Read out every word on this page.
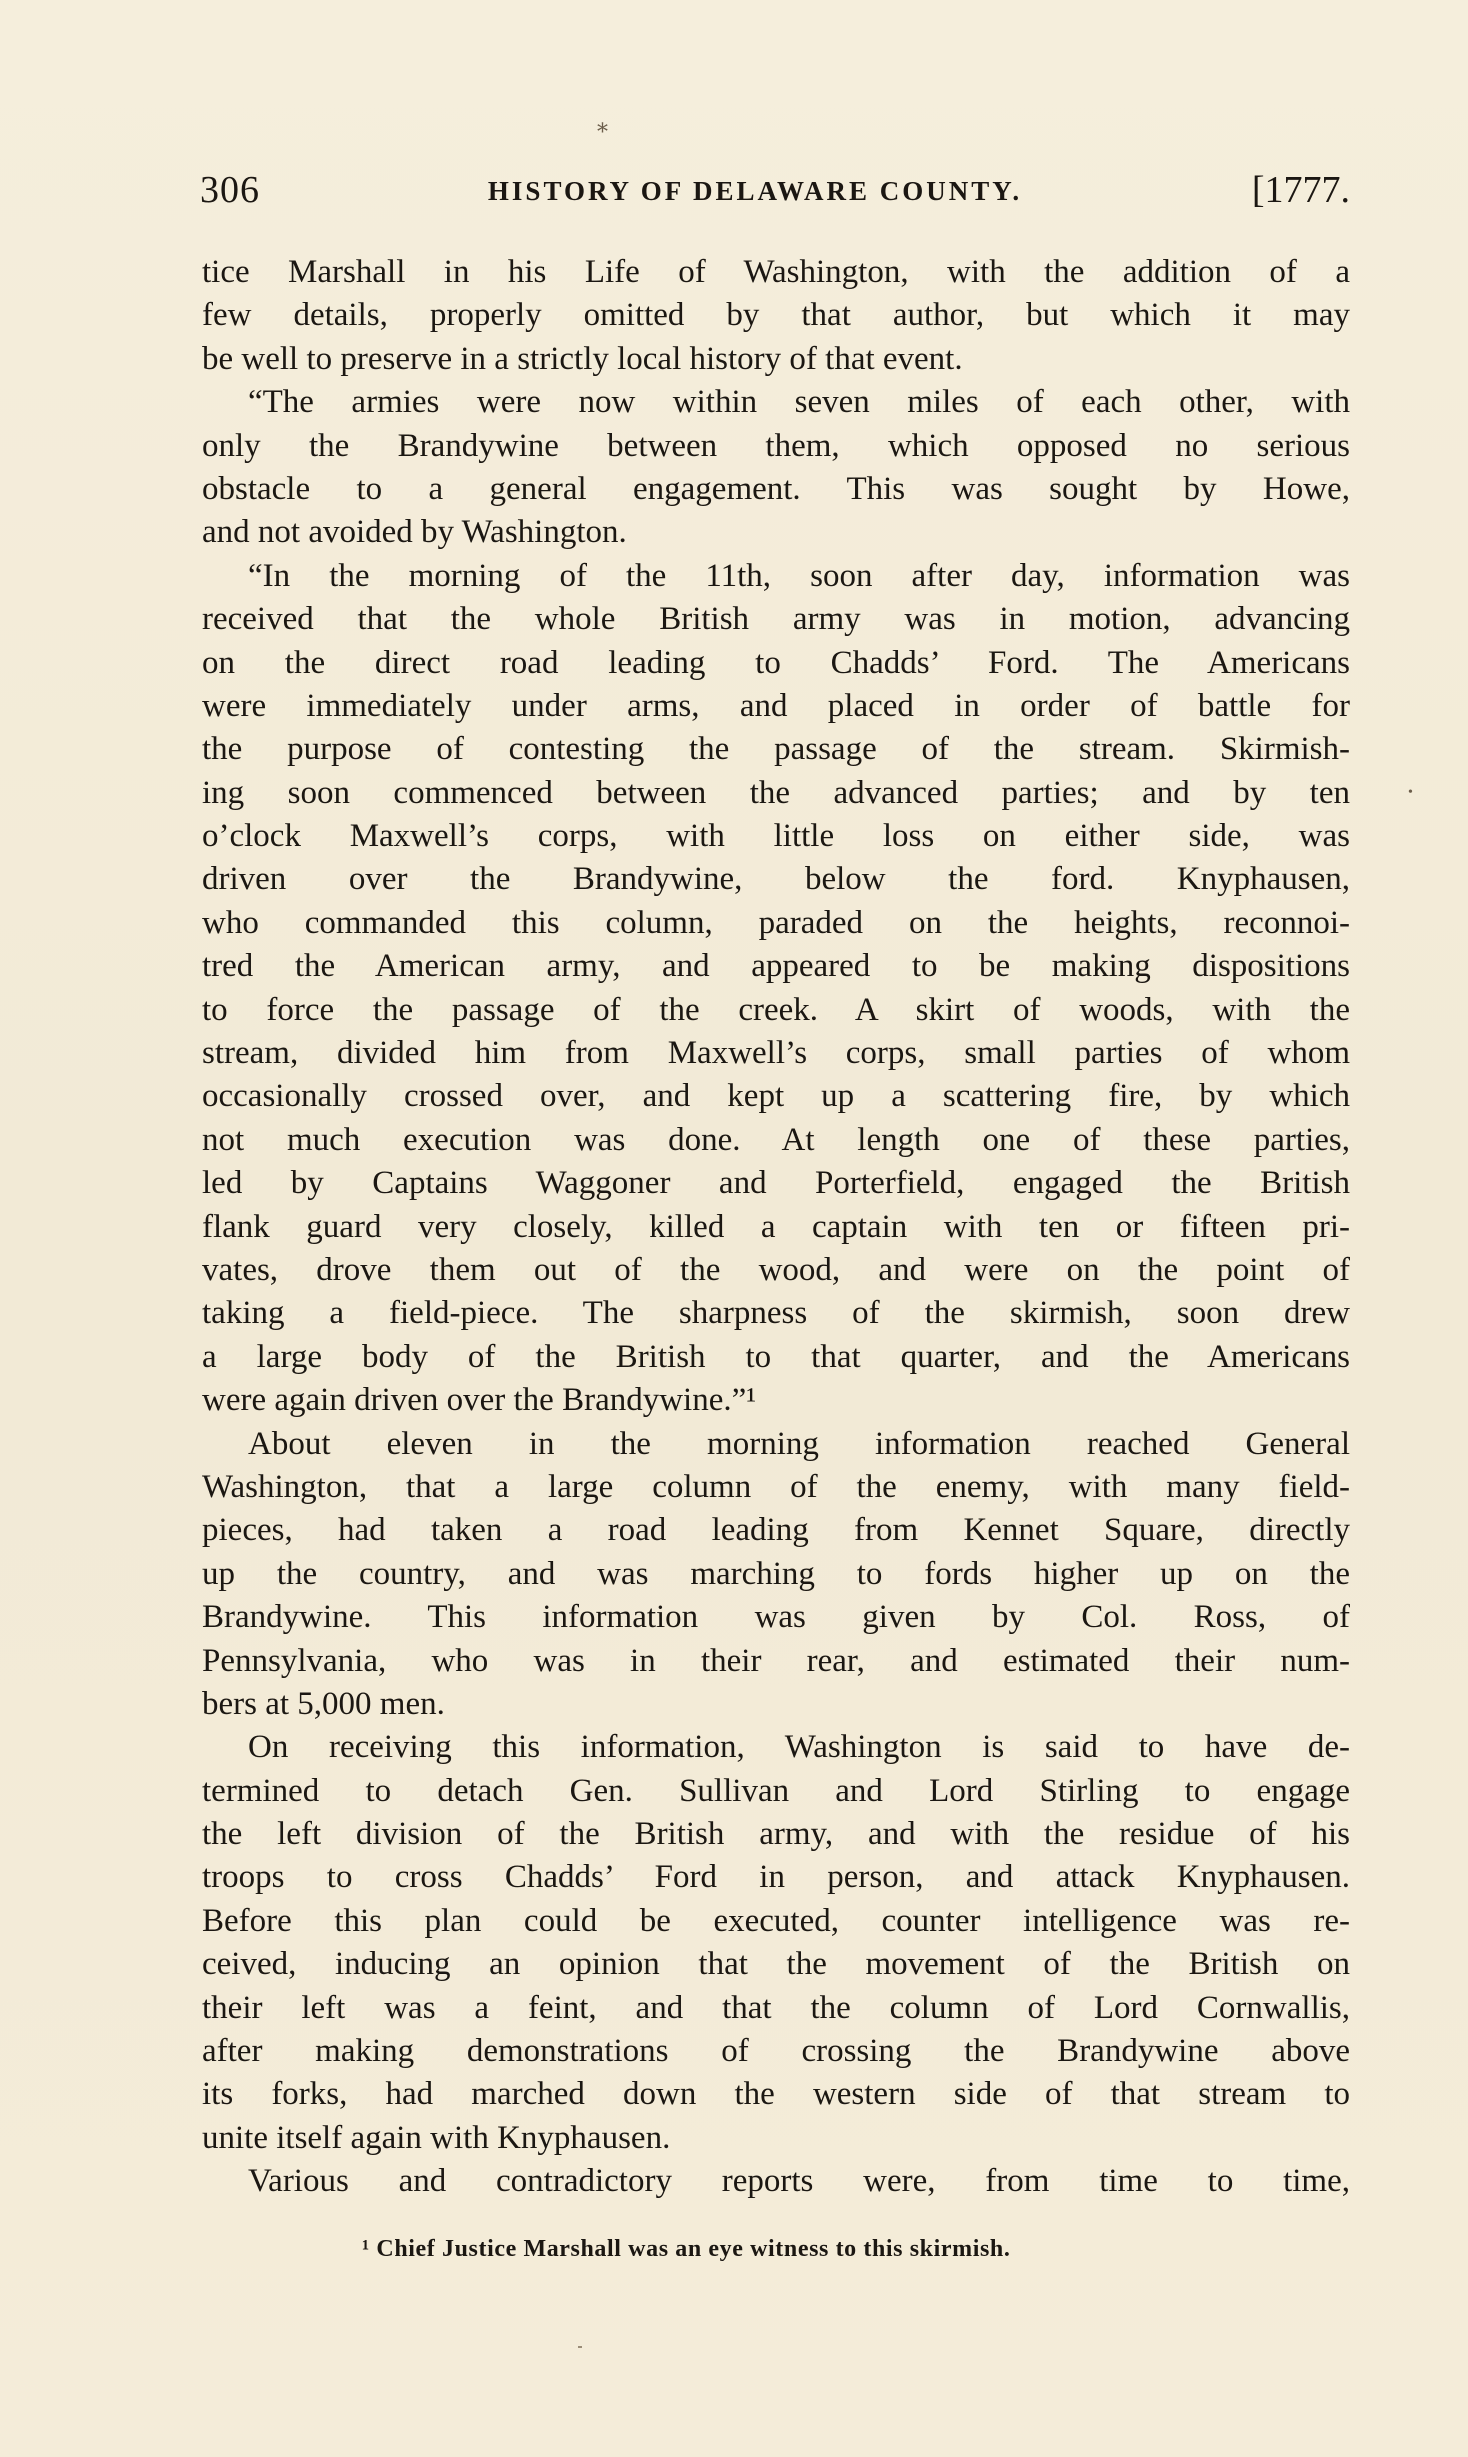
⁎
•
306	HISTORY OF DELAWARE COUNTY.	[1777.
tice Marshall in his Life of Washington, with the addition of a
few details, properly omitted by that author, but which it may
be well to preserve in a strictly local history of that event.
“The armies were now within seven miles of each other, with
only the Brandywine between them, which opposed no serious
obstacle to a general engagement. This was sought by Howe,
and not avoided by Washington.
“In the morning of the 11th, soon after day, information was
received that the whole British army was in motion, advancing
on the direct road leading to Chadds’ Ford. The Americans
were immediately under arms, and placed in order of battle for
the purpose of contesting the passage of the stream. Skirmish-
ing soon commenced between the advanced parties; and by ten
o’clock Maxwell’s corps, with little loss on either side, was
driven over the Brandywine, below the ford. Knyphausen,
who commanded this column, paraded on the heights, reconnoi-
tred the American army, and appeared to be making dispositions
to force the passage of the creek. A skirt of woods, with the
stream, divided him from Maxwell’s corps, small parties of whom
occasionally crossed over, and kept up a scattering fire, by which
not much execution was done. At length one of these parties,
led by Captains Waggoner and Porterfield, engaged the British
flank guard very closely, killed a captain with ten or fifteen pri-
vates, drove them out of the wood, and were on the point of
taking a field-piece. The sharpness of the skirmish, soon drew
a large body of the British to that quarter, and the Americans
were again driven over the Brandywine.”¹
About eleven in the morning information reached General
Washington, that a large column of the enemy, with many field-
pieces, had taken a road leading from Kennet Square, directly
up the country, and was marching to fords higher up on the
Brandywine. This information was given by Col. Ross, of
Pennsylvania, who was in their rear, and estimated their num-
bers at 5,000 men.
On receiving this information, Washington is said to have de-
termined to detach Gen. Sullivan and Lord Stirling to engage
the left division of the British army, and with the residue of his
troops to cross Chadds’ Ford in person, and attack Knyphausen.
Before this plan could be executed, counter intelligence was re-
ceived, inducing an opinion that the movement of the British on
their left was a feint, and that the column of Lord Cornwallis,
after making demonstrations of crossing the Brandywine above
its forks, had marched down the western side of that stream to
unite itself again with Knyphausen.
Various and contradictory reports were, from time to time,
¹ Chief Justice Marshall was an eye witness to this skirmish.
